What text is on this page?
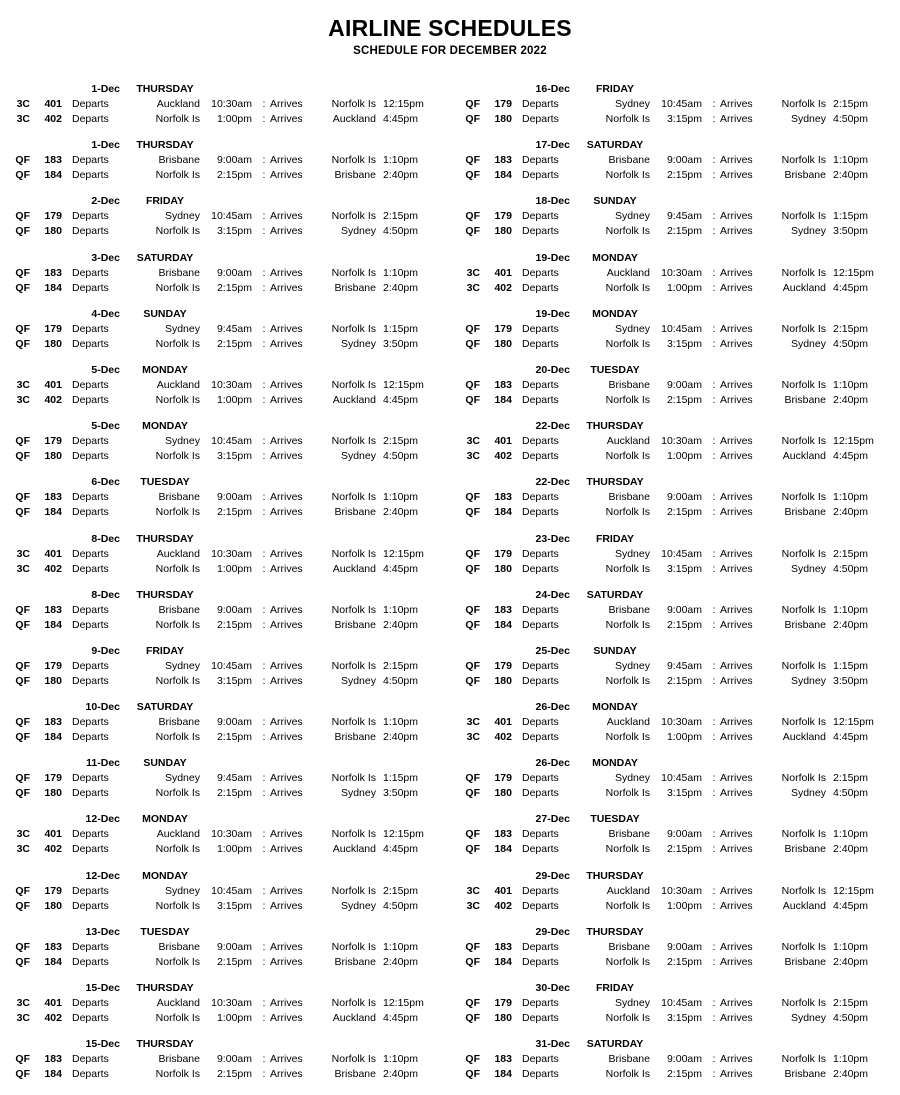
AIRLINE SCHEDULES
SCHEDULE FOR DECEMBER 2022
1-Dec	THURSDAY
3C	401 Departs	Auckland	10:30am	: Arrives	Norfolk Is 12:15pm
3C	402 Departs	Norfolk Is	1:00pm	: Arrives	Auckland 4:45pm
1-Dec	THURSDAY
QF	183 Departs	Brisbane	9:00am	: Arrives	Norfolk Is 1:10pm
QF	184 Departs	Norfolk Is	2:15pm	: Arrives	Brisbane 2:40pm
2-Dec	FRIDAY
QF	179 Departs	Sydney	10:45am	: Arrives	Norfolk Is 2:15pm
QF	180 Departs	Norfolk Is	3:15pm	: Arrives	Sydney 4:50pm
3-Dec	SATURDAY
QF	183 Departs	Brisbane	9:00am	: Arrives	Norfolk Is 1:10pm
QF	184 Departs	Norfolk Is	2:15pm	: Arrives	Brisbane 2:40pm
4-Dec	SUNDAY
QF	179 Departs	Sydney	9:45am	: Arrives	Norfolk Is 1:15pm
QF	180 Departs	Norfolk Is	2:15pm	: Arrives	Sydney 3:50pm
5-Dec	MONDAY
3C	401 Departs	Auckland	10:30am	: Arrives	Norfolk Is 12:15pm
3C	402 Departs	Norfolk Is	1:00pm	: Arrives	Auckland 4:45pm
5-Dec	MONDAY
QF	179 Departs	Sydney	10:45am	: Arrives	Norfolk Is 2:15pm
QF	180 Departs	Norfolk Is	3:15pm	: Arrives	Sydney 4:50pm
6-Dec	TUESDAY
QF	183 Departs	Brisbane	9:00am	: Arrives	Norfolk Is 1:10pm
QF	184 Departs	Norfolk Is	2:15pm	: Arrives	Brisbane 2:40pm
8-Dec	THURSDAY
3C	401 Departs	Auckland	10:30am	: Arrives	Norfolk Is 12:15pm
3C	402 Departs	Norfolk Is	1:00pm	: Arrives	Auckland 4:45pm
8-Dec	THURSDAY
QF	183 Departs	Brisbane	9:00am	: Arrives	Norfolk Is 1:10pm
QF	184 Departs	Norfolk Is	2:15pm	: Arrives	Brisbane 2:40pm
9-Dec	FRIDAY
QF	179 Departs	Sydney	10:45am	: Arrives	Norfolk Is 2:15pm
QF	180 Departs	Norfolk Is	3:15pm	: Arrives	Sydney 4:50pm
10-Dec	SATURDAY
QF	183 Departs	Brisbane	9:00am	: Arrives	Norfolk Is 1:10pm
QF	184 Departs	Norfolk Is	2:15pm	: Arrives	Brisbane 2:40pm
11-Dec	SUNDAY
QF	179 Departs	Sydney	9:45am	: Arrives	Norfolk Is 1:15pm
QF	180 Departs	Norfolk Is	2:15pm	: Arrives	Sydney 3:50pm
12-Dec	MONDAY
3C	401 Departs	Auckland	10:30am	: Arrives	Norfolk Is 12:15pm
3C	402 Departs	Norfolk Is	1:00pm	: Arrives	Auckland 4:45pm
12-Dec	MONDAY
QF	179 Departs	Sydney	10:45am	: Arrives	Norfolk Is 2:15pm
QF	180 Departs	Norfolk Is	3:15pm	: Arrives	Sydney 4:50pm
13-Dec	TUESDAY
QF	183 Departs	Brisbane	9:00am	: Arrives	Norfolk Is 1:10pm
QF	184 Departs	Norfolk Is	2:15pm	: Arrives	Brisbane 2:40pm
15-Dec	THURSDAY
3C	401 Departs	Auckland	10:30am	: Arrives	Norfolk Is 12:15pm
3C	402 Departs	Norfolk Is	1:00pm	: Arrives	Auckland 4:45pm
15-Dec	THURSDAY
QF	183 Departs	Brisbane	9:00am	: Arrives	Norfolk Is 1:10pm
QF	184 Departs	Norfolk Is	2:15pm	: Arrives	Brisbane 2:40pm
16-Dec	FRIDAY
QF	179 Departs	Sydney	10:45am	: Arrives	Norfolk Is 2:15pm
QF	180 Departs	Norfolk Is	3:15pm	: Arrives	Sydney 4:50pm
17-Dec	SATURDAY
QF	183 Departs	Brisbane	9:00am	: Arrives	Norfolk Is 1:10pm
QF	184 Departs	Norfolk Is	2:15pm	: Arrives	Brisbane 2:40pm
18-Dec	SUNDAY
QF	179 Departs	Sydney	9:45am	: Arrives	Norfolk Is 1:15pm
QF	180 Departs	Norfolk Is	2:15pm	: Arrives	Sydney 3:50pm
19-Dec	MONDAY
3C	401 Departs	Auckland	10:30am	: Arrives	Norfolk Is 12:15pm
3C	402 Departs	Norfolk Is	1:00pm	: Arrives	Auckland 4:45pm
19-Dec	MONDAY
QF	179 Departs	Sydney	10:45am	: Arrives	Norfolk Is 2:15pm
QF	180 Departs	Norfolk Is	3:15pm	: Arrives	Sydney 4:50pm
20-Dec	TUESDAY
QF	183 Departs	Brisbane	9:00am	: Arrives	Norfolk Is 1:10pm
QF	184 Departs	Norfolk Is	2:15pm	: Arrives	Brisbane 2:40pm
22-Dec	THURSDAY
3C	401 Departs	Auckland	10:30am	: Arrives	Norfolk Is 12:15pm
3C	402 Departs	Norfolk Is	1:00pm	: Arrives	Auckland 4:45pm
22-Dec	THURSDAY
QF	183 Departs	Brisbane	9:00am	: Arrives	Norfolk Is 1:10pm
QF	184 Departs	Norfolk Is	2:15pm	: Arrives	Brisbane 2:40pm
23-Dec	FRIDAY
QF	179 Departs	Sydney	10:45am	: Arrives	Norfolk Is 2:15pm
QF	180 Departs	Norfolk Is	3:15pm	: Arrives	Sydney 4:50pm
24-Dec	SATURDAY
QF	183 Departs	Brisbane	9:00am	: Arrives	Norfolk Is 1:10pm
QF	184 Departs	Norfolk Is	2:15pm	: Arrives	Brisbane 2:40pm
25-Dec	SUNDAY
QF	179 Departs	Sydney	9:45am	: Arrives	Norfolk Is 1:15pm
QF	180 Departs	Norfolk Is	2:15pm	: Arrives	Sydney 3:50pm
26-Dec	MONDAY
3C	401 Departs	Auckland	10:30am	: Arrives	Norfolk Is 12:15pm
3C	402 Departs	Norfolk Is	1:00pm	: Arrives	Auckland 4:45pm
26-Dec	MONDAY
QF	179 Departs	Sydney	10:45am	: Arrives	Norfolk Is 2:15pm
QF	180 Departs	Norfolk Is	3:15pm	: Arrives	Sydney 4:50pm
27-Dec	TUESDAY
QF	183 Departs	Brisbane	9:00am	: Arrives	Norfolk Is 1:10pm
QF	184 Departs	Norfolk Is	2:15pm	: Arrives	Brisbane 2:40pm
29-Dec	THURSDAY
3C	401 Departs	Auckland	10:30am	: Arrives	Norfolk Is 12:15pm
3C	402 Departs	Norfolk Is	1:00pm	: Arrives	Auckland 4:45pm
29-Dec	THURSDAY
QF	183 Departs	Brisbane	9:00am	: Arrives	Norfolk Is 1:10pm
QF	184 Departs	Norfolk Is	2:15pm	: Arrives	Brisbane 2:40pm
30-Dec	FRIDAY
QF	179 Departs	Sydney	10:45am	: Arrives	Norfolk Is 2:15pm
QF	180 Departs	Norfolk Is	3:15pm	: Arrives	Sydney 4:50pm
31-Dec	SATURDAY
QF	183 Departs	Brisbane	9:00am	: Arrives	Norfolk Is 1:10pm
QF	184 Departs	Norfolk Is	2:15pm	: Arrives	Brisbane 2:40pm
